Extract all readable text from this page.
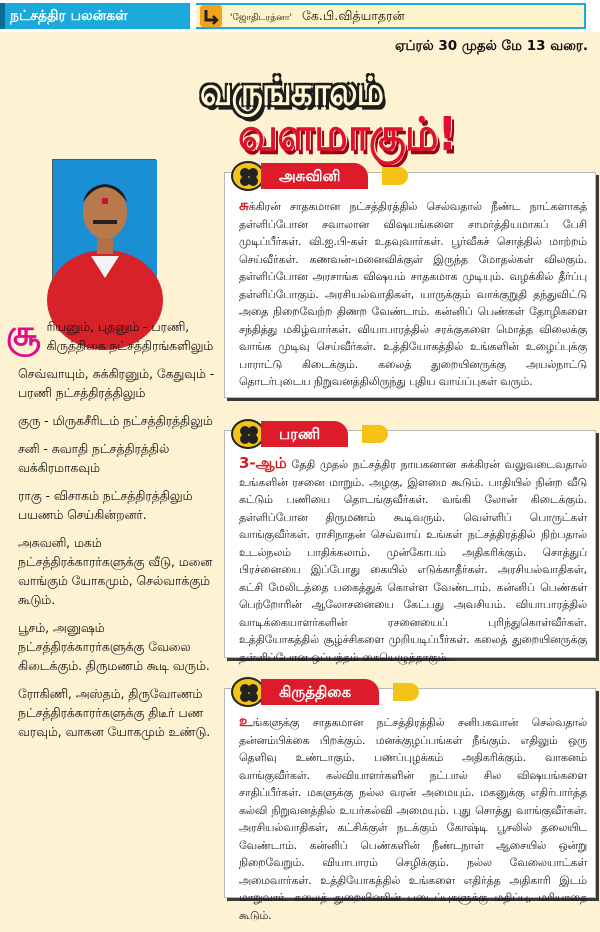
நட்சத்திர பலன்கள்	'ஜோதிடரத்னா' கே.பி.வித்யாதரன்
ஏப்ரல் 30 முதல் மே 13 வரை.
வருங்காலம்
வளமாகும்!

சூ ரியனும், புதனும் - பரணி, கிருத்திகை நட்சத்திரங்களிலும்

செவ்வாயும், சுக்கிரனும், கேதுவும் - பரணி நட்சத்திரத்திலும்

குரு - மிருகசீரிடம் நட்சத்திரத்திலும்

சனி - சுவாதி நட்சத்திரத்தில் வக்கிரமாகவும்

ராகு - விசாகம் நட்சத்திரத்திலும் பயணம் செய்கின்றனர்.

அசுவனி, மகம் நட்சத்திரக்காரர்களுக்கு வீடு, மனை வாங்கும் யோகமும், செல்வாக்கும் கூடும்.

பூசம், அனுஷம் நட்சத்திரக்காரர்களுக்கு வேலை கிடைக்கும். திருமணம் கூடி வரும்.

ரோகிணி, அஸ்தம், திருவோணம் நட்சத்திரக்காரர்களுக்கு திடீர் பண வரவும், வாகன யோகமும் உண்டு.

அசுவினி
சுக்கிரன் சாதகமான நட்சத்திரத்தில் செல்வதால் நீண்ட நாட்களாகத் தள்ளிப்போன சவாலான விஷயங்களை சாமர்த்தியமாகப் பேசி முடிப்பீர்கள். வி.ஐ.பி-கள் உதவுவார்கள். பூர்வீகச் சொத்தில் மாற்றம் செய்வீர்கள். கணவன்-மனைவிக்குள் இருந்த மோதல்கள் விலகும். தள்ளிப்போன அரசாங்க விஷயம் சாதகமாக முடியும். வழக்கில் தீர்ப்பு தள்ளிப்போகும். அரசியல்வாதிகள், யாருக்கும் வாக்குறுதி தந்துவிட்டு அதை நிறைவேற்ற திணற வேண்டாம். கன்னிப் பெண்கள் தோழிகளை சந்தித்து மகிழ்வார்கள். வியாபாரத்தில் சரக்குகளை மொத்த விலைக்கு வாங்க முடிவு செய்வீர்கள். உத்தியோகத்தில் உங்களின் உழைப்புக்கு பாராட்டு கிடைக்கும். கலைத் துறையினருக்கு அயல்நாட்டு தொடர்புடைய நிறுவனத்திலிருந்து புதிய வாய்ப்புகள் வரும்.
பரணி
3-ஆம் தேதி முதல் நட்சத்திர நாயகனான சுக்கிரன் வலுவடைவதால் உங்களின் ரசனை மாறும். அழகு, இளமை கூடும். பாதியில் நின்ற வீடு கட்டும் பணியை தொடங்குவீர்கள். வங்கி லோன் கிடைக்கும். தள்ளிப்போன திருமணம் கூடிவரும். வெள்ளிப் பொருட்கள் வாங்குவீர்கள். ராசிநாதன் செவ்வாய் உங்கள் நட்சத்திரத்தில் நிற்பதால் உடல்நலம் பாதிக்கலாம். முன்கோபம் அதிகரிக்கும். சொத்துப் பிரச்னையை இப்போது கையில் எடுக்காதீர்கள். அரசியல்வாதிகள், கட்சி மேலிடத்தை பகைத்துக் கொள்ள வேண்டாம். கன்னிப் பெண்கள் பெற்றோரின் ஆலோசனையை கேட்பது அவசியம். வியாபாரத்தில் வாடிக்கையாளர்களின் ரசனையைப் புரிந்துகொள்வீர்கள். உத்தியோகத்தில் சூழ்ச்சிகளை முறியடிப்பீர்கள். கலைத் துறையினருக்கு தள்ளிப்போன ஒப்பந்தம் கையெழுத்தாகும்.
கிருத்திகை
உங்களுக்கு சாதகமான நட்சத்திரத்தில் சனிபகவான் செல்வதால் தன்னம்பிக்கை பிறக்கும். மனக்குழப்பங்கள் நீங்கும். எதிலும் ஒரு தெளிவு உண்டாகும். பணப்புழக்கம் அதிகரிக்கும். வாகனம் வாங்குவீர்கள். கல்வியாளர்களின் நட்பால் சில விஷயங்களை சாதிப்பீர்கள். மகளுக்கு நல்ல வரன் அமையும். மகனுக்கு எதிர்பார்த்த கல்வி நிறுவனத்தில் உயர்கல்வி அமையும். புது சொத்து வாங்குவீர்கள். அரசியல்வாதிகள், கட்சிக்குள் நடக்கும் கோஷ்டி பூசலில் தலையிட வேண்டாம். கன்னிப் பெண்களின் நீண்டநாள் ஆசையில் ஒன்று நிறைவேறும். வியாபாரம் செழிக்கும். நல்ல வேலையாட்கள் அமைவார்கள். உத்தியோகத்தில் உங்களை எதிர்த்த அதிகாரி இடம் மாறுவார். கலைத் துறையினரின் படைப்புகளுக்கு மதிப்பு, மரியாதை கூடும்.
